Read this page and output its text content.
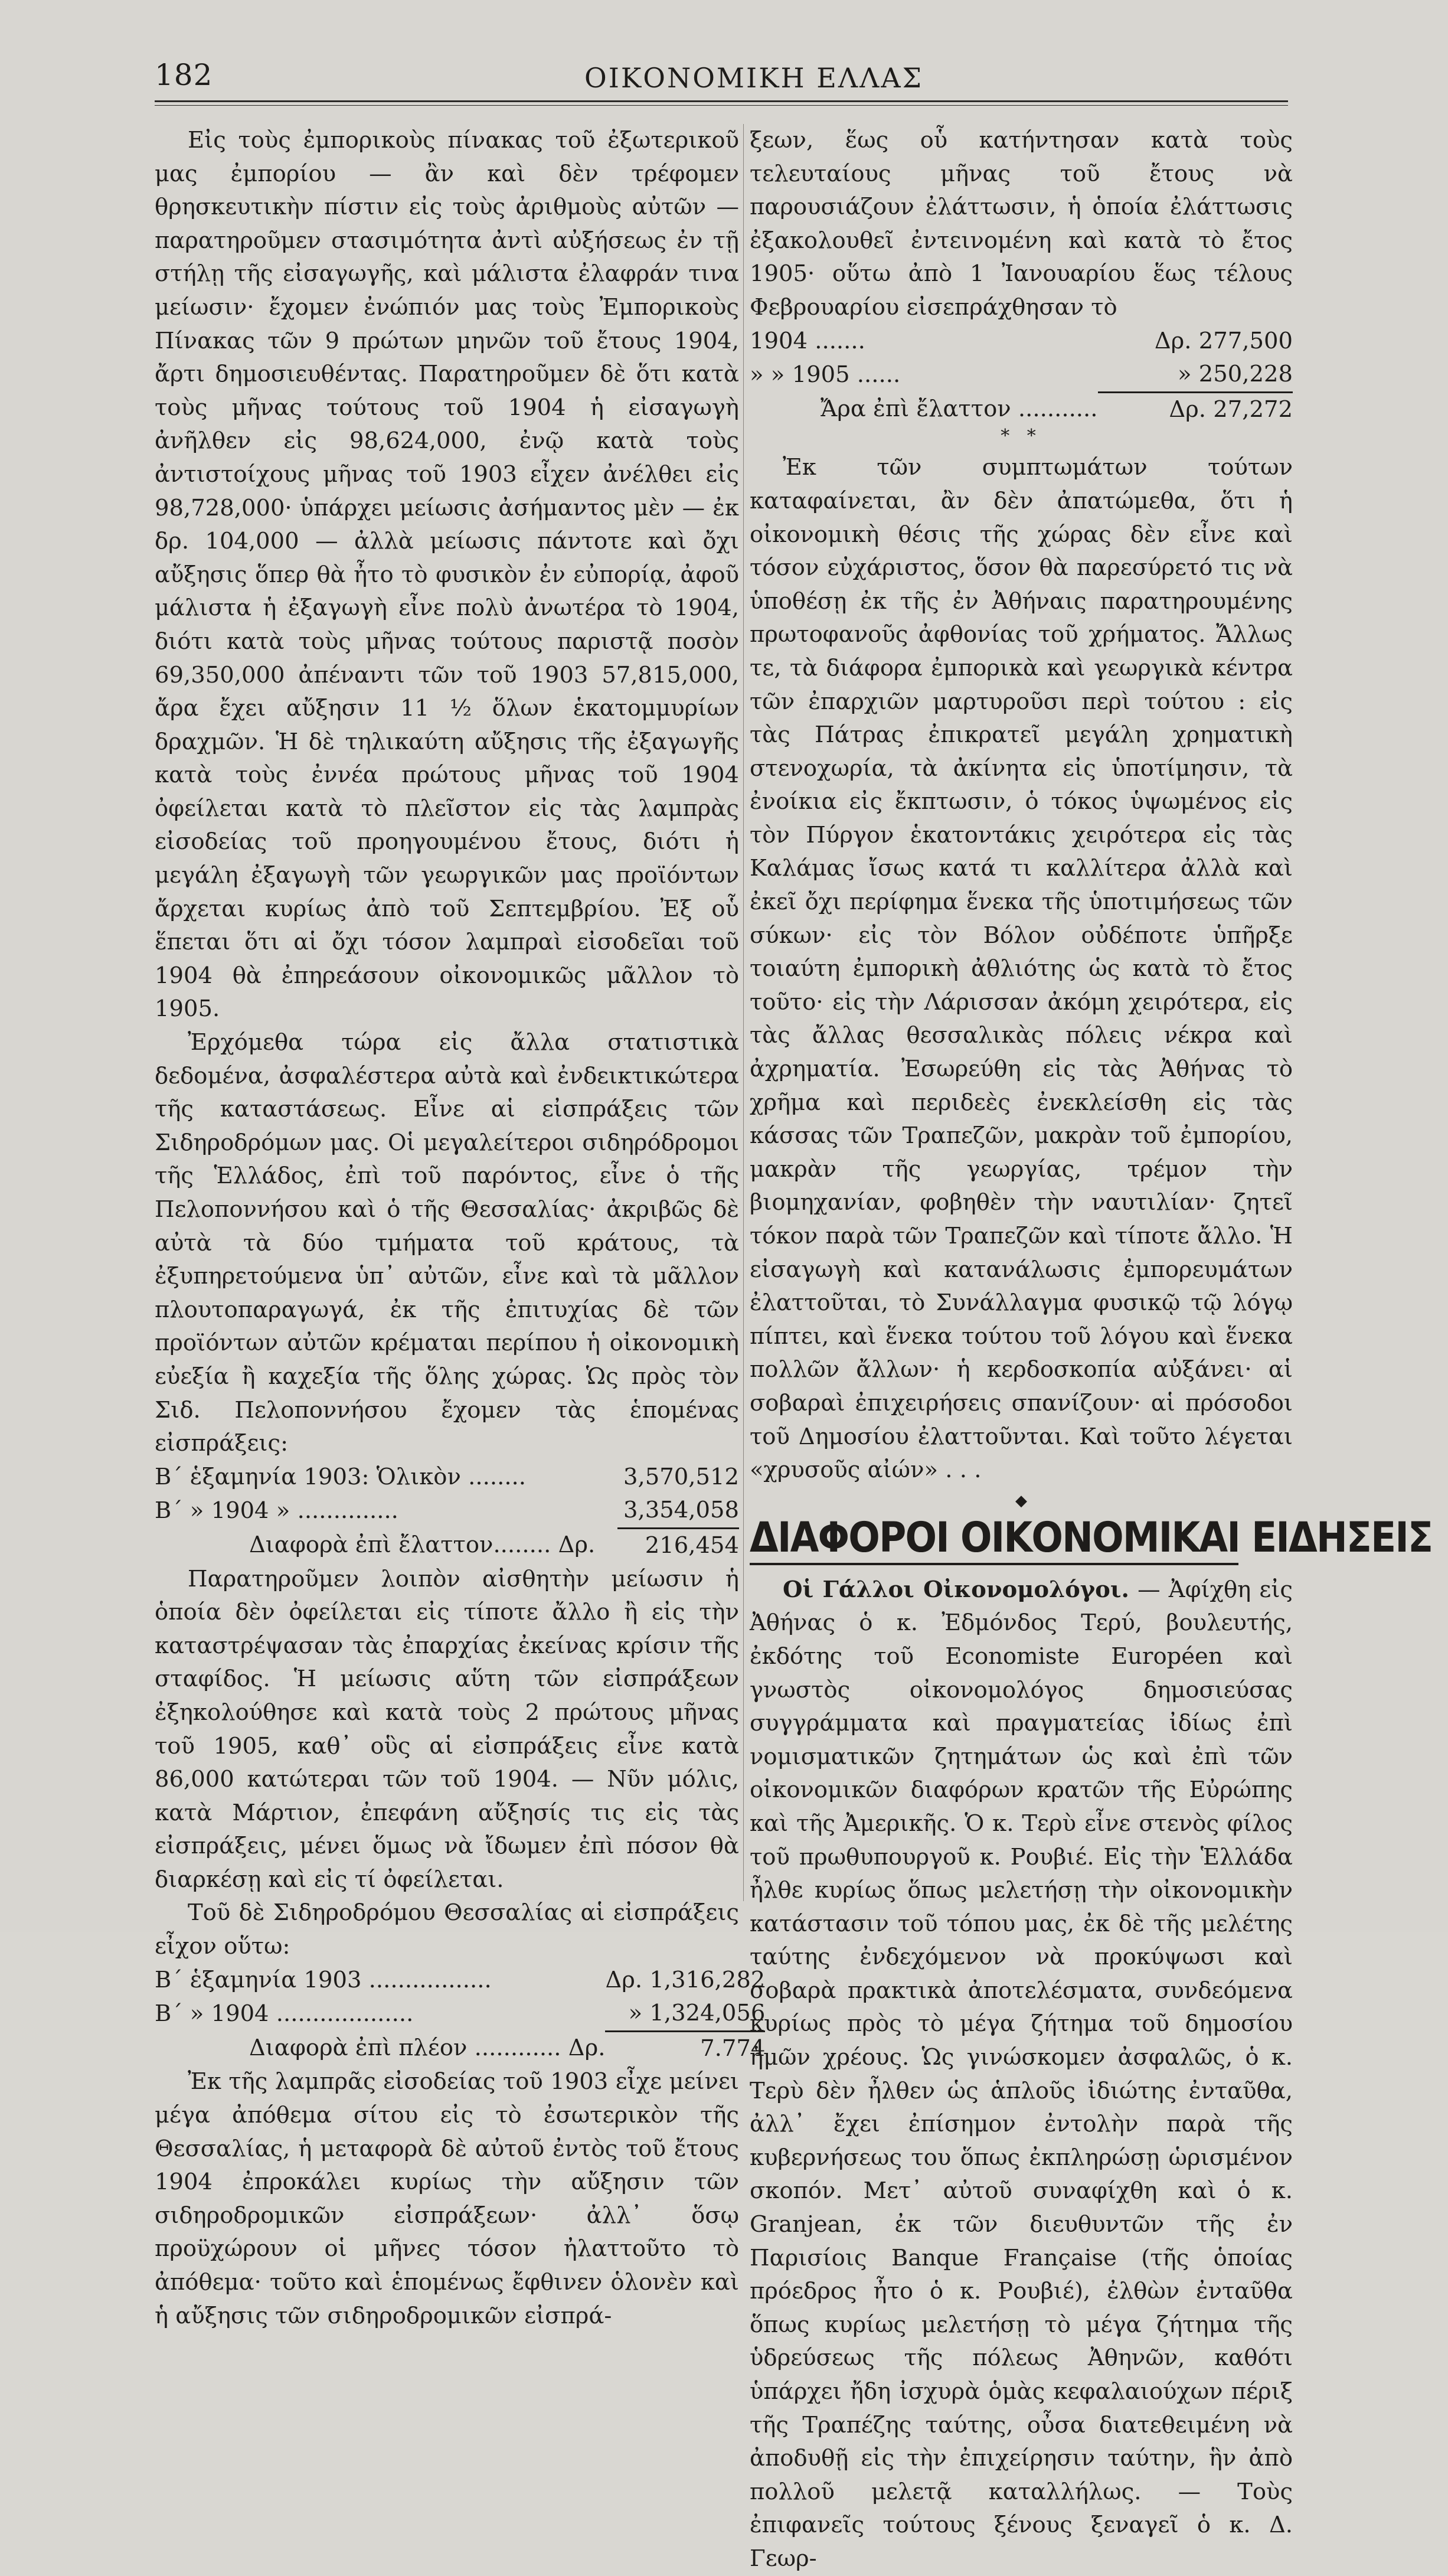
182	ΟΙΚΟΝΟΜΙΚΗ ΕΛΛΑΣ

Εἰς τοὺς ἐμπορικοὺς πίνακας τοῦ ἐξωτερικοῦ μας ἐμπορίου — ἂν καὶ δὲν τρέφομεν θρησκευτικὴν πίστιν εἰς τοὺς ἀριθμοὺς αὐτῶν — παρατηροῦμεν στασιμότητα ἀντὶ αὐξήσεως ἐν τῇ στήλῃ τῆς εἰσαγωγῆς, καὶ μάλιστα ἐλαφράν τινα μείωσιν· ἔχομεν ἐνώπιόν μας τοὺς Ἐμπορικοὺς Πίνακας τῶν 9 πρώτων μηνῶν τοῦ ἔτους 1904, ἄρτι δημοσιευθέντας. Παρατηροῦμεν δὲ ὅτι κατὰ τοὺς μῆνας τούτους τοῦ 1904 ἡ εἰσαγωγὴ ἀνῆλθεν εἰς 98,624,000, ἐνῷ κατὰ τοὺς ἀντιστοίχους μῆνας τοῦ 1903 εἶχεν ἀνέλθει εἰς 98,728,000· ὑπάρχει μείωσις ἀσήμαντος μὲν — ἐκ δρ. 104,000 — ἀλλὰ μείωσις πάντοτε καὶ ὄχι αὔξησις ὅπερ θὰ ἦτο τὸ φυσικὸν ἐν εὐπορίᾳ, ἀφοῦ μάλιστα ἡ ἐξαγωγὴ εἶνε πολὺ ἀνωτέρα τὸ 1904, διότι κατὰ τοὺς μῆνας τούτους παριστᾷ ποσὸν 69,350,000 ἀπέναντι τῶν τοῦ 1903 57,815,000, ἄρα ἔχει αὔξησιν 11 ½ ὅλων ἑκατομμυρίων δραχμῶν. Ἡ δὲ τηλικαύτη αὔξησις τῆς ἐξαγωγῆς κατὰ τοὺς ἐννέα πρώτους μῆνας τοῦ 1904 ὀφείλεται κατὰ τὸ πλεῖστον εἰς τὰς λαμπρὰς εἰσοδείας τοῦ προηγουμένου ἔτους, διότι ἡ μεγάλη ἐξαγωγὴ τῶν γεωργικῶν μας προϊόντων ἄρχεται κυρίως ἀπὸ τοῦ Σεπτεμβρίου. Ἐξ οὗ ἕπεται ὅτι αἱ ὄχι τόσον λαμπραὶ εἰσοδεῖαι τοῦ 1904 θὰ ἐπηρεάσουν οἰκονομικῶς μᾶλλον τὸ 1905.

Ἐρχόμεθα τώρα εἰς ἄλλα στατιστικὰ δεδομένα, ἀσφαλέστερα αὐτὰ καὶ ἐνδεικτικώτερα τῆς καταστάσεως. Εἶνε αἱ εἰσπράξεις τῶν Σιδηροδρόμων μας. Οἱ μεγαλείτεροι σιδηρόδρομοι τῆς Ἑλλάδος, ἐπὶ τοῦ παρόντος, εἶνε ὁ τῆς Πελοποννήσου καὶ ὁ τῆς Θεσσαλίας· ἀκριβῶς δὲ αὐτὰ τὰ δύο τμήματα τοῦ κράτους, τὰ ἐξυπηρετούμενα ὑπ᾽ αὐτῶν, εἶνε καὶ τὰ μᾶλλον πλουτοπαραγωγά, ἐκ τῆς ἐπιτυχίας δὲ τῶν προϊόντων αὐτῶν κρέμαται περίπου ἡ οἰκονομικὴ εὐεξία ἢ καχεξία τῆς ὅλης χώρας. Ὡς πρὸς τὸν Σιδ. Πελοποννήσου ἔχομεν τὰς ἑπομένας εἰσπράξεις:

Β΄ ἑξαμηνία 1903: Ὁλικὸν ........	3,570,512
Β΄ » 1904 » ..............	3,354,058
Διαφορὰ ἐπὶ ἔλαττον........ Δρ.	216,454

Παρατηροῦμεν λοιπὸν αἰσθητὴν μείωσιν ἡ ὁποία δὲν ὀφείλεται εἰς τίποτε ἄλλο ἢ εἰς τὴν καταστρέψασαν τὰς ἐπαρχίας ἐκείνας κρίσιν τῆς σταφίδος. Ἡ μείωσις αὕτη τῶν εἰσπράξεων ἐξηκολούθησε καὶ κατὰ τοὺς 2 πρώτους μῆνας τοῦ 1905, καθ᾽ οὓς αἱ εἰσπράξεις εἶνε κατὰ 86,000 κατώτεραι τῶν τοῦ 1904. — Νῦν μόλις, κατὰ Μάρτιον, ἐπεφάνη αὔξησίς τις εἰς τὰς εἰσπράξεις, μένει ὅμως νὰ ἴδωμεν ἐπὶ πόσον θὰ διαρκέσῃ καὶ εἰς τί ὀφείλεται.

Τοῦ δὲ Σιδηροδρόμου Θεσσαλίας αἱ εἰσπράξεις εἶχον οὕτω:

Β΄ ἑξαμηνία 1903 .................	Δρ. 1,316,282
Β΄ » 1904 ...................	» 1,324,056
Διαφορὰ ἐπὶ πλέον ............ Δρ.	7.774

Ἐκ τῆς λαμπρᾶς εἰσοδείας τοῦ 1903 εἶχε μείνει μέγα ἀπόθεμα σίτου εἰς τὸ ἐσωτερικὸν τῆς Θεσσαλίας, ἡ μεταφορὰ δὲ αὐτοῦ ἐντὸς τοῦ ἔτους 1904 ἐπροκάλει κυρίως τὴν αὔξησιν τῶν σιδηροδρομικῶν εἰσπράξεων· ἀλλ᾽ ὅσῳ προϋχώρουν οἱ μῆνες τόσον ἠλαττοῦτο τὸ ἀπόθεμα· τοῦτο καὶ ἑπομένως ἔφθινεν ὁλονὲν καὶ ἡ αὔξησις τῶν σιδηροδρομικῶν εἰσπρά-

ξεων, ἕως οὗ κατήντησαν κατὰ τοὺς τελευταίους μῆνας τοῦ ἔτους νὰ παρουσιάζουν ἐλάττωσιν, ἡ ὁποία ἐλάττωσις ἐξακολουθεῖ ἐντεινομένη καὶ κατὰ τὸ ἔτος 1905· οὕτω ἀπὸ 1 Ἰανουαρίου ἕως τέλους Φεβρουαρίου εἰσεπράχθησαν τὸ

1904 .......	Δρ. 277,500
» » 1905 ......	» 250,228
Ἄρα ἐπὶ ἔλαττον ...........	Δρ. 27,272
* *

Ἐκ τῶν συμπτωμάτων τούτων καταφαίνεται, ἂν δὲν ἀπατώμεθα, ὅτι ἡ οἰκονομικὴ θέσις τῆς χώρας δὲν εἶνε καὶ τόσον εὐχάριστος, ὅσον θὰ παρεσύρετό τις νὰ ὑποθέσῃ ἐκ τῆς ἐν Ἀθήναις παρατηρουμένης πρωτοφανοῦς ἀφθονίας τοῦ χρήματος. Ἄλλως τε, τὰ διάφορα ἐμπορικὰ καὶ γεωργικὰ κέντρα τῶν ἐπαρχιῶν μαρτυροῦσι περὶ τούτου : εἰς τὰς Πάτρας ἐπικρατεῖ μεγάλη χρηματικὴ στενοχωρία, τὰ ἀκίνητα εἰς ὑποτίμησιν, τὰ ἐνοίκια εἰς ἔκπτωσιν, ὁ τόκος ὑψωμένος εἰς τὸν Πύργον ἑκατοντάκις χειρότερα εἰς τὰς Καλάμας ἴσως κατά τι καλλίτερα ἀλλὰ καὶ ἐκεῖ ὄχι περίφημα ἕνεκα τῆς ὑποτιμήσεως τῶν σύκων· εἰς τὸν Βόλον οὐδέποτε ὑπῆρξε τοιαύτη ἐμπορικὴ ἀθλιότης ὡς κατὰ τὸ ἔτος τοῦτο· εἰς τὴν Λάρισσαν ἀκόμη χειρότερα, εἰς τὰς ἄλλας θεσσαλικὰς πόλεις νέκρα καὶ ἀχρηματία. Ἐσωρεύθη εἰς τὰς Ἀθήνας τὸ χρῆμα καὶ περιδεὲς ἐνεκλείσθη εἰς τὰς κάσσας τῶν Τραπεζῶν, μακρὰν τοῦ ἐμπορίου, μακρὰν τῆς γεωργίας, τρέμον τὴν βιομηχανίαν, φοβηθὲν τὴν ναυτιλίαν· ζητεῖ τόκον παρὰ τῶν Τραπεζῶν καὶ τίποτε ἄλλο. Ἡ εἰσαγωγὴ καὶ κατανάλωσις ἐμπορευμάτων ἐλαττοῦται, τὸ Συνάλλαγμα φυσικῷ τῷ λόγῳ πίπτει, καὶ ἕνεκα τούτου τοῦ λόγου καὶ ἕνεκα πολλῶν ἄλλων· ἡ κερδοσκοπία αὐξάνει· αἱ σοβαραὶ ἐπιχειρήσεις σπανίζουν· αἱ πρόσοδοι τοῦ Δημοσίου ἐλαττοῦνται. Καὶ τοῦτο λέγεται «χρυσοῦς αἰών» . . .

◆
ΔΙΑΦΟΡΟΙ ΟΙΚΟΝΟΜΙΚΑΙ ΕΙΔΗΣΕΙΣ

Οἱ Γάλλοι Οἰκονομολόγοι. — Ἀφίχθη εἰς Ἀθήνας ὁ κ. Ἐδμόνδος Τερύ, βουλευτής, ἐκδότης τοῦ Economiste Européen καὶ γνωστὸς οἰκονομολόγος δημοσιεύσας συγγράμματα καὶ πραγματείας ἰδίως ἐπὶ νομισματικῶν ζητημάτων ὡς καὶ ἐπὶ τῶν οἰκονομικῶν διαφόρων κρατῶν τῆς Εὐρώπης καὶ τῆς Ἀμερικῆς. Ὁ κ. Τερὺ εἶνε στενὸς φίλος τοῦ πρωθυπουργοῦ κ. Ρουβιέ. Εἰς τὴν Ἑλλάδα ἦλθε κυρίως ὅπως μελετήσῃ τὴν οἰκονομικὴν κατάστασιν τοῦ τόπου μας, ἐκ δὲ τῆς μελέτης ταύτης ἐνδεχόμενον νὰ προκύψωσι καὶ σοβαρὰ πρακτικὰ ἀποτελέσματα, συνδεόμενα κυρίως πρὸς τὸ μέγα ζήτημα τοῦ δημοσίου ἡμῶν χρέους. Ὡς γινώσκομεν ἀσφαλῶς, ὁ κ. Τερὺ δὲν ἦλθεν ὡς ἁπλοῦς ἰδιώτης ἐνταῦθα, ἀλλ᾽ ἔχει ἐπίσημον ἐντολὴν παρὰ τῆς κυβερνήσεως του ὅπως ἐκπληρώσῃ ὡρισμένον σκοπόν. Μετ᾽ αὐτοῦ συναφίχθη καὶ ὁ κ. Granjean, ἐκ τῶν διευθυντῶν τῆς ἐν Παρισίοις Banque Française (τῆς ὁποίας πρόεδρος ἦτο ὁ κ. Ρουβιέ), ἐλθὼν ἐνταῦθα ὅπως κυρίως μελετήσῃ τὸ μέγα ζήτημα τῆς ὑδρεύσεως τῆς πόλεως Ἀθηνῶν, καθότι ὑπάρχει ἤδη ἰσχυρὰ ὁμὰς κεφαλαιούχων πέριξ τῆς Τραπέζης ταύτης, οὖσα διατεθειμένη νὰ ἀποδυθῇ εἰς τὴν ἐπιχείρησιν ταύτην, ἣν ἀπὸ πολλοῦ μελετᾷ καταλλήλως. — Τοὺς ἐπιφανεῖς τούτους ξένους ξεναγεῖ ὁ κ. Δ. Γεωρ-
